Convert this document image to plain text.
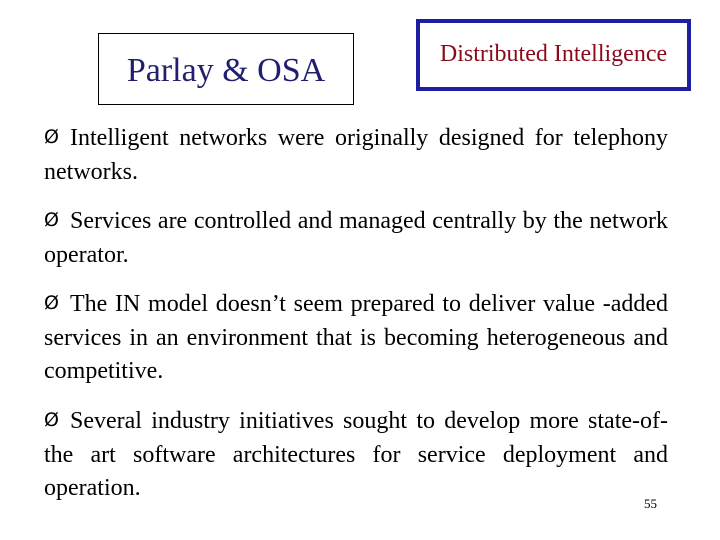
Parlay & OSA	Distributed Intelligence
Ø Intelligent networks were originally designed for telephony networks.
Ø Services are controlled and managed centrally by the network operator.
Ø The IN model doesn’t seem prepared to deliver value -added services in an environment that is becoming heterogeneous and competitive.
Ø Several industry initiatives sought to develop more state-of-the art software architectures for service deployment and operation.
55
